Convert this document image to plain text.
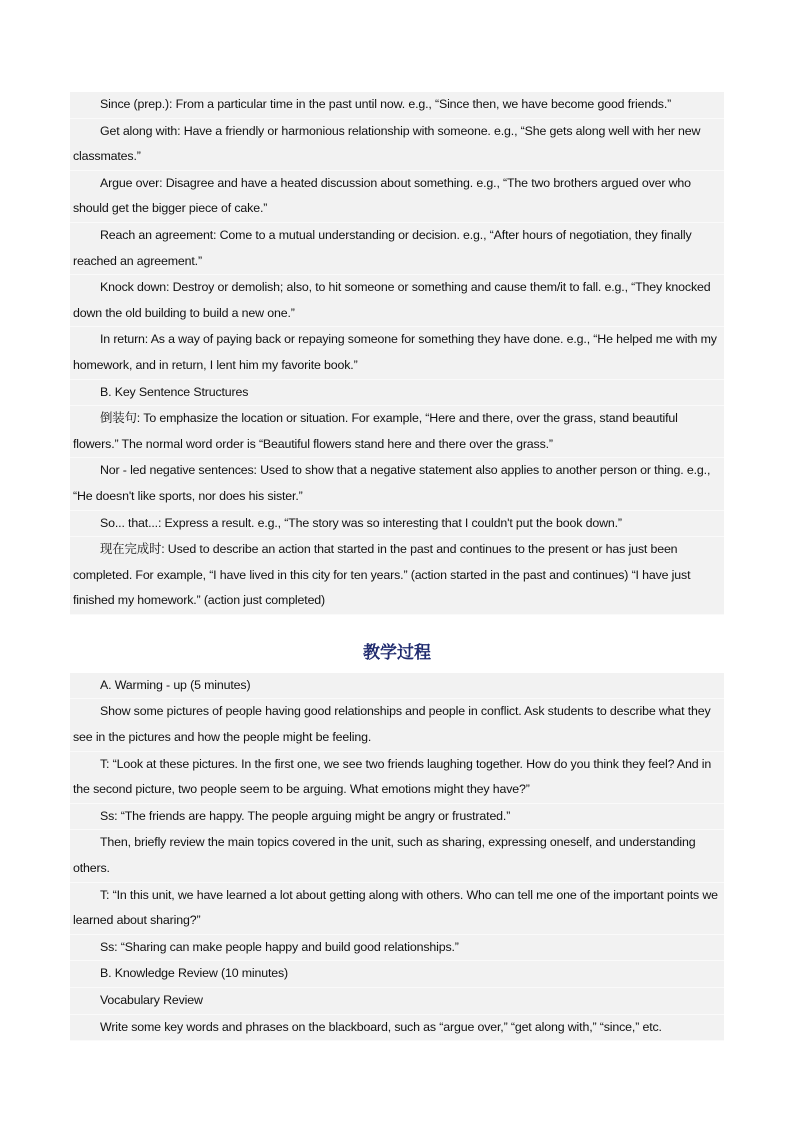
Since (prep.): From a particular time in the past until now. e.g., “Since then, we have become good friends.”

Get along with: Have a friendly or harmonious relationship with someone. e.g., “She gets along well with her new classmates.”

Argue over: Disagree and have a heated discussion about something. e.g., “The two brothers argued over who should get the bigger piece of cake.”

Reach an agreement: Come to a mutual understanding or decision. e.g., “After hours of negotiation, they finally reached an agreement.”

Knock down: Destroy or demolish; also, to hit someone or something and cause them/it to fall. e.g., “They knocked down the old building to build a new one.”

In return: As a way of paying back or repaying someone for something they have done. e.g., “He helped me with my homework, and in return, I lent him my favorite book.”

B. Key Sentence Structures

倒装句: To emphasize the location or situation. For example, “Here and there, over the grass, stand beautiful flowers.” The normal word order is “Beautiful flowers stand here and there over the grass.”

Nor - led negative sentences: Used to show that a negative statement also applies to another person or thing. e.g., “He doesn't like sports, nor does his sister.”

So... that...: Express a result. e.g., “The story was so interesting that I couldn't put the book down.”

现在完成时: Used to describe an action that started in the past and continues to the present or has just been completed. For example, “I have lived in this city for ten years.” (action started in the past and continues) “I have just finished my homework.” (action just completed)

教学过程

A. Warming - up (5 minutes)

Show some pictures of people having good relationships and people in conflict. Ask students to describe what they see in the pictures and how the people might be feeling.

T: “Look at these pictures. In the first one, we see two friends laughing together. How do you think they feel? And in the second picture, two people seem to be arguing. What emotions might they have?”

Ss: “The friends are happy. The people arguing might be angry or frustrated.”

Then, briefly review the main topics covered in the unit, such as sharing, expressing oneself, and understanding others.

T: “In this unit, we have learned a lot about getting along with others. Who can tell me one of the important points we learned about sharing?”

Ss: “Sharing can make people happy and build good relationships.”

B. Knowledge Review (10 minutes)

Vocabulary Review

Write some key words and phrases on the blackboard, such as “argue over,” “get along with,” “since,” etc.
